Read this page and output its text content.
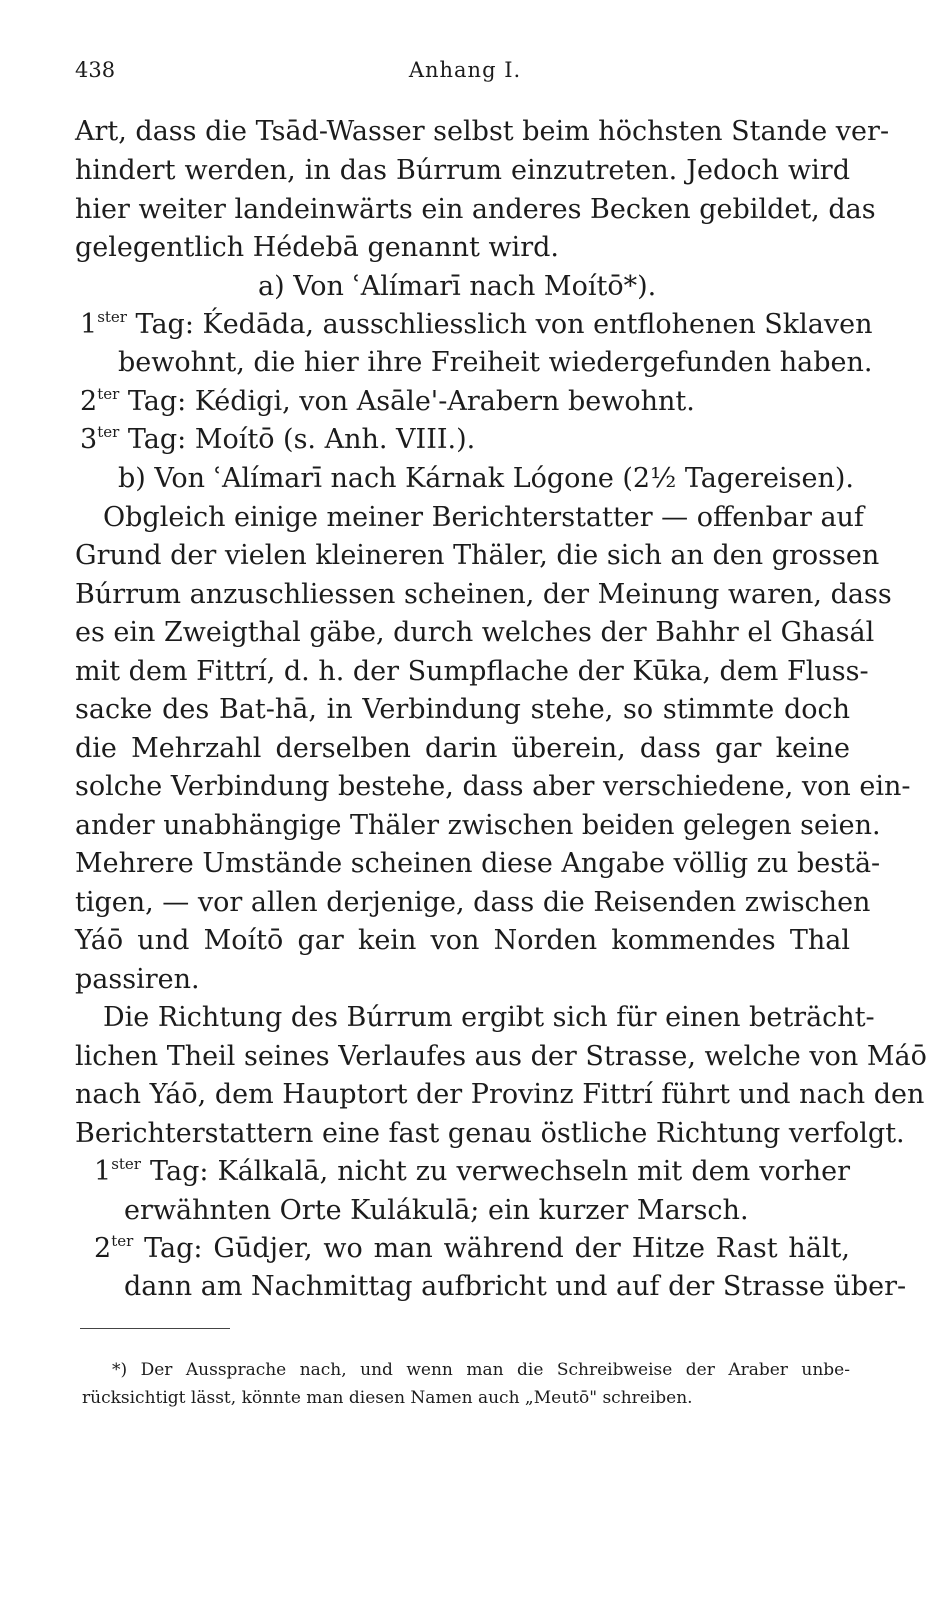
438	Anhang I.
Art, dass die Tsād-Wasser selbst beim höchsten Stande ver-
hindert werden, in das Búrrum einzutreten. Jedoch wird
hier weiter landeinwärts ein anderes Becken gebildet, das
gelegentlich Hédebā genannt wird.
a) Von ʿAlímarī nach Moítō*).
$1^{ster}$ Tag: Ḱedāda, ausschliesslich von entflohenen Sklaven
bewohnt, die hier ihre Freiheit wiedergefunden haben.
$2^{ter}$ Tag: Kédigi, von Asāle'-Arabern bewohnt.
$3^{ter}$ Tag: Moítō (s. Anh. VIII.).
b) Von ʿAlímarī nach Kárnak Lógone (2½ Tagereisen).
Obgleich einige meiner Berichterstatter — offenbar auf
Grund der vielen kleineren Thäler, die sich an den grossen
Búrrum anzuschliessen scheinen, der Meinung waren, dass
es ein Zweigthal gäbe, durch welches der Bahhr el Ghasál
mit dem Fittrí, d. h. der Sumpflache der Kūka, dem Fluss-
sacke des Bat-hā, in Verbindung stehe, so stimmte doch
die Mehrzahl derselben darin überein, dass gar keine
solche Verbindung bestehe, dass aber verschiedene, von ein-
ander unabhängige Thäler zwischen beiden gelegen seien.
Mehrere Umstände scheinen diese Angabe völlig zu bestä-
tigen, — vor allen derjenige, dass die Reisenden zwischen
Yáō und Moítō gar kein von Norden kommendes Thal
passiren.
Die Richtung des Búrrum ergibt sich für einen beträcht-
lichen Theil seines Verlaufes aus der Strasse, welche von Máō
nach Yáō, dem Hauptort der Provinz Fittrí führt und nach den
Berichterstattern eine fast genau östliche Richtung verfolgt.
$1^{ster}$ Tag: Kálkalā, nicht zu verwechseln mit dem vorher
erwähnten Orte Kulákulā; ein kurzer Marsch.
$2^{ter}$ Tag: Gūdjer, wo man während der Hitze Rast hält,
dann am Nachmittag aufbricht und auf der Strasse über-
*) Der Aussprache nach, und wenn man die Schreibweise der Araber unbe-
rücksichtigt lässt, könnte man diesen Namen auch „Meutō" schreiben.
